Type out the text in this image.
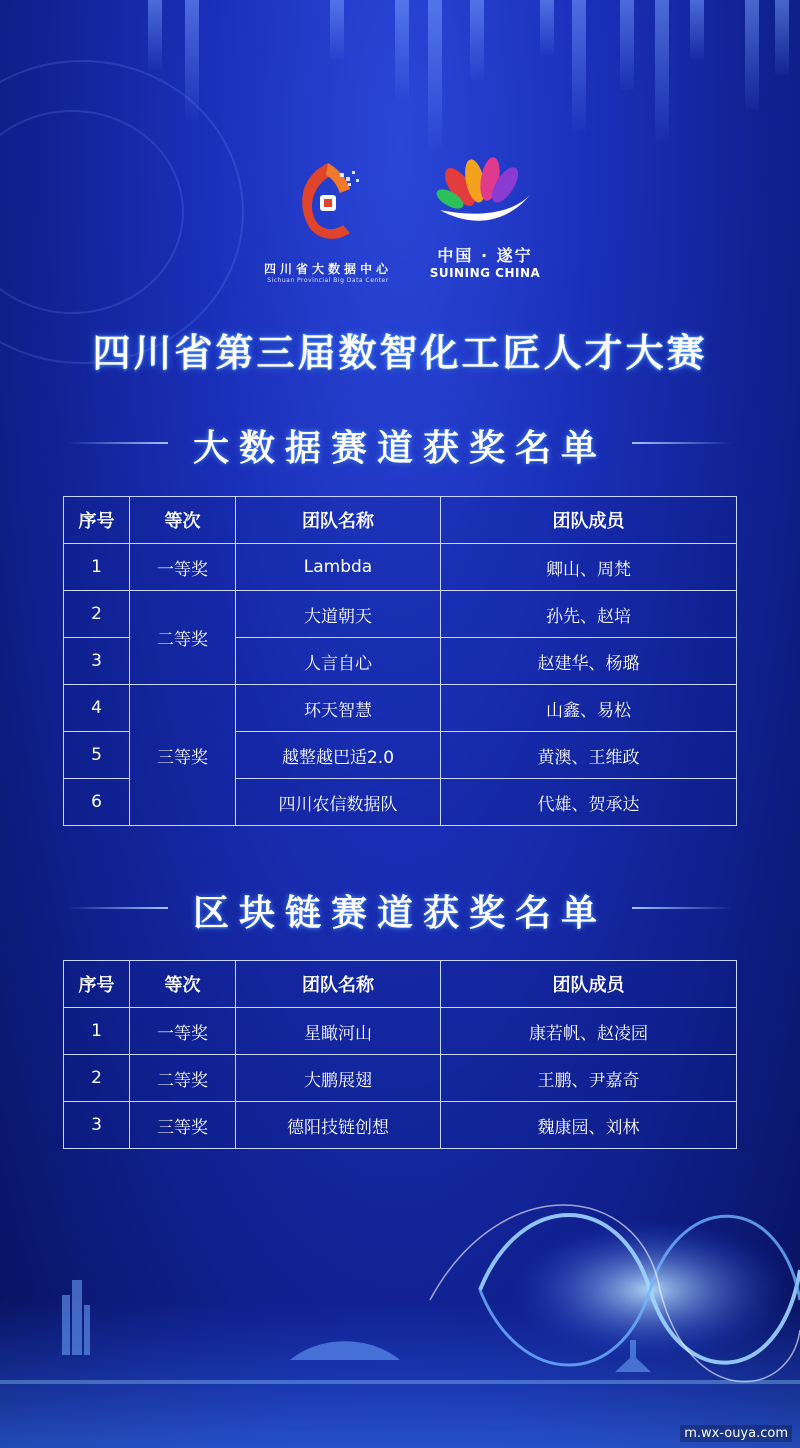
四川省大数据中心
Sichuan Provincial Big Data Center
中国 · 遂宁
SUINING CHINA
四川省第三届数智化工匠人才大赛
大数据赛道获奖名单
序号	等次	团队名称	团队成员
1	一等奖	Lambda	卿山、周梵
2	二等奖	大道朝天	孙先、赵培
3		人言自心	赵建华、杨璐
4	三等奖	环天智慧	山鑫、易松
5		越整越巴适2.0	黄澳、王维政
6		四川农信数据队	代雄、贺承达
区块链赛道获奖名单
序号	等次	团队名称	团队成员
1	一等奖	星瞰河山	康若帆、赵凌园
2	二等奖	大鹏展翅	王鹏、尹嘉奇
3	三等奖	德阳技链创想	魏康园、刘林
m.wx-ouya.com
